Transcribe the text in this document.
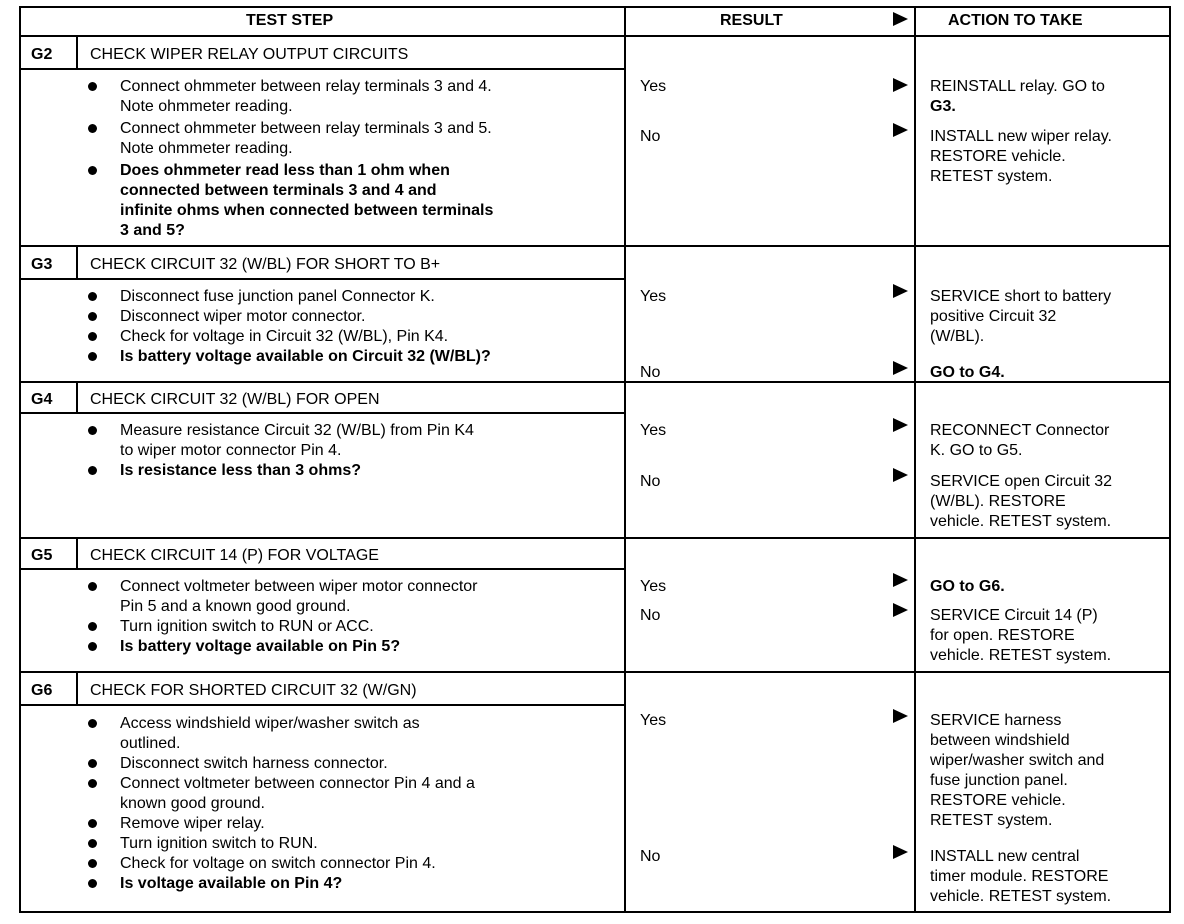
TEST STEP	RESULT	ACTION TO TAKE
G2 CHECK WIPER RELAY OUTPUT CIRCUITS
Connect ohmmeter between relay terminals 3 and 4.
Note ohmmeter reading.
Connect ohmmeter between relay terminals 3 and 5.
Note ohmmeter reading.
Does ohmmeter read less than 1 ohm when
connected between terminals 3 and 4 and
infinite ohms when connected between terminals
3 and 5?
Yes	REINSTALL relay. GO to
G3.
No	INSTALL new wiper relay.
RESTORE vehicle.
RETEST system.
G3 CHECK CIRCUIT 32 (W/BL) FOR SHORT TO B+
Disconnect fuse junction panel Connector K.
Disconnect wiper motor connector.
Check for voltage in Circuit 32 (W/BL), Pin K4.
Is battery voltage available on Circuit 32 (W/BL)?
Yes	SERVICE short to battery
positive Circuit 32
(W/BL).
No	GO to G4.
G4 CHECK CIRCUIT 32 (W/BL) FOR OPEN
Measure resistance Circuit 32 (W/BL) from Pin K4
to wiper motor connector Pin 4.
Is resistance less than 3 ohms?
Yes	RECONNECT Connector
K. GO to G5.
No	SERVICE open Circuit 32
(W/BL). RESTORE
vehicle. RETEST system.
G5 CHECK CIRCUIT 14 (P) FOR VOLTAGE
Connect voltmeter between wiper motor connector
Pin 5 and a known good ground.
Turn ignition switch to RUN or ACC.
Is battery voltage available on Pin 5?
Yes	GO to G6.
No	SERVICE Circuit 14 (P)
for open. RESTORE
vehicle. RETEST system.
G6 CHECK FOR SHORTED CIRCUIT 32 (W/GN)
Access windshield wiper/washer switch as
outlined.
Disconnect switch harness connector.
Connect voltmeter between connector Pin 4 and a
known good ground.
Remove wiper relay.
Turn ignition switch to RUN.
Check for voltage on switch connector Pin 4.
Is voltage available on Pin 4?
Yes	SERVICE harness
between windshield
wiper/washer switch and
fuse junction panel.
RESTORE vehicle.
RETEST system.
No	INSTALL new central
timer module. RESTORE
vehicle. RETEST system.
